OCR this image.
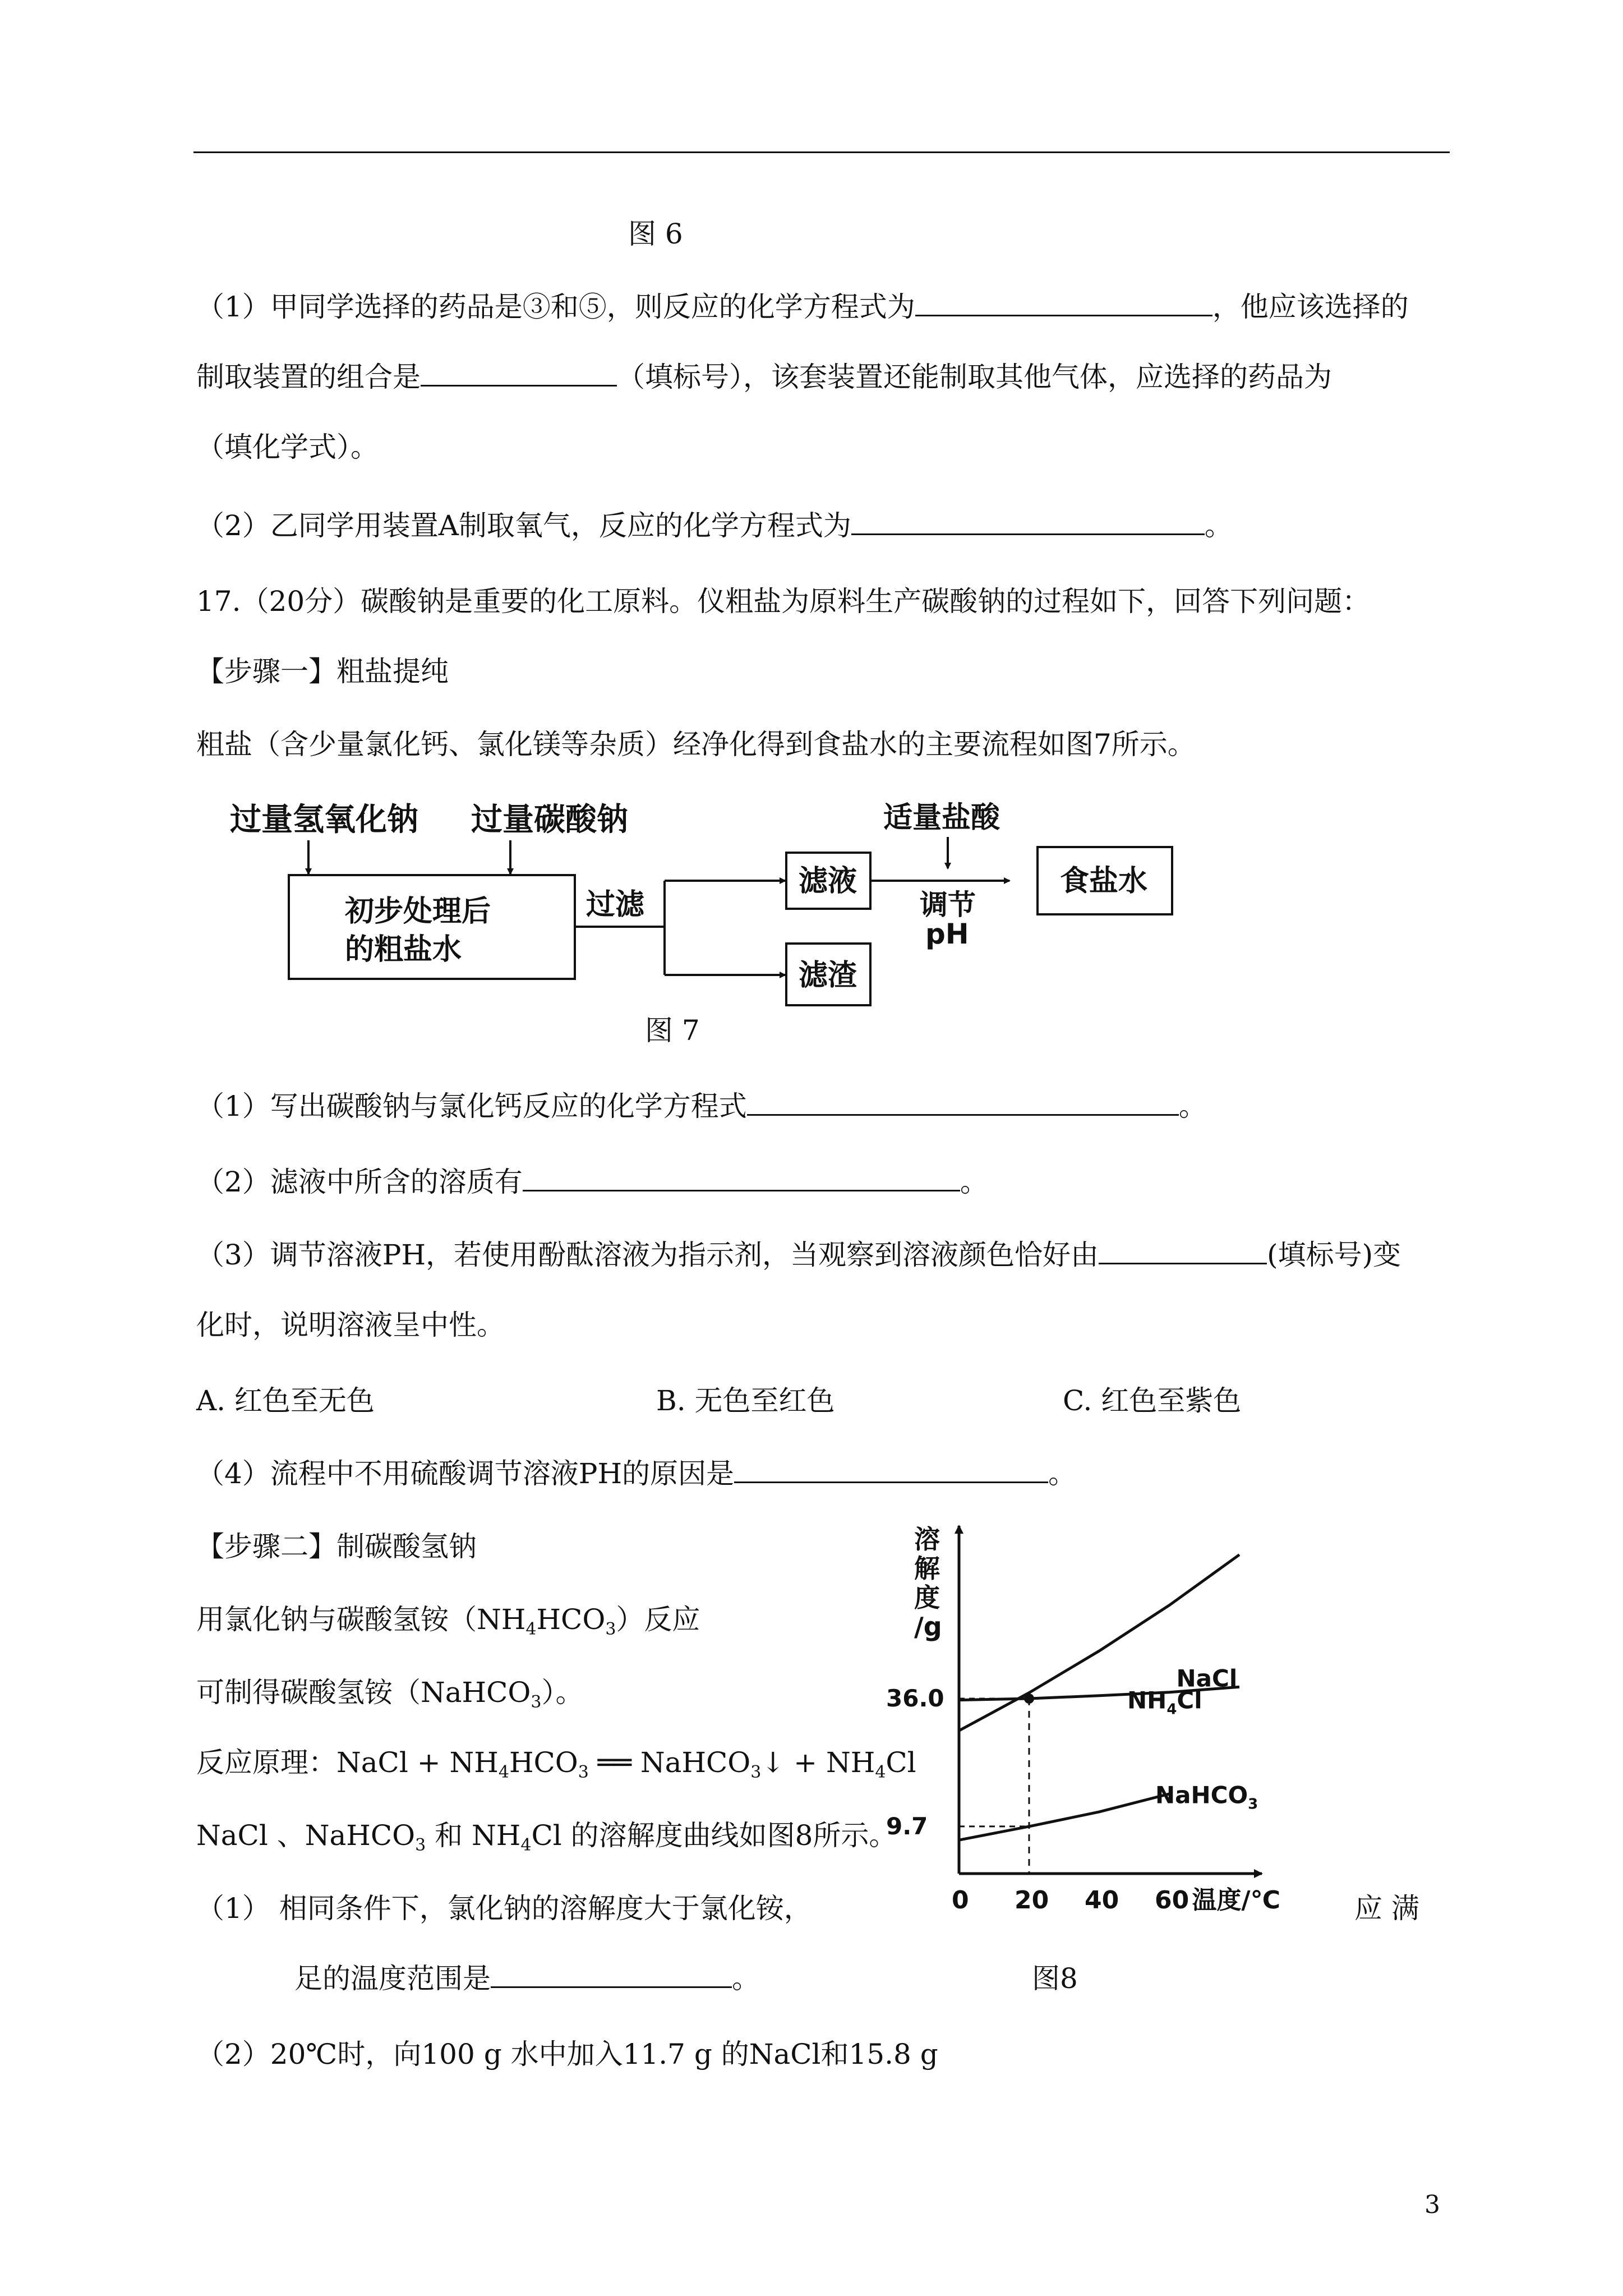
图 6
（1）甲同学选择的药品是③和⑤，则反应的化学方程式为	，他应该选择的
制取装置的组合是	（填标号），该套装置还能制取其他气体，应选择的药品为
（填化学式）。
（2）乙同学用装置A制取氧气，反应的化学方程式为	。
17.（20分）碳酸钠是重要的化工原料。仪粗盐为原料生产碳酸钠的过程如下，回答下列问题：
【步骤一】粗盐提纯
粗盐（含少量氯化钙、氯化镁等杂质）经净化得到食盐水的主要流程如图7所示。
过量氢氧化钠 过量碳酸钠
初步处理后
的粗盐水
过滤
滤液
滤渣
适量盐酸
调节
pH
食盐水
图 7
（1）写出碳酸钠与氯化钙反应的化学方程式	。
（2）滤液中所含的溶质有	。
（3）调节溶液PH，若使用酚酞溶液为指示剂，当观察到溶液颜色恰好由	(填标号)变
化时，说明溶液呈中性。
A. 红色至无色	B. 无色至红色	C. 红色至紫色
（4）流程中不用硫酸调节溶液PH的原因是	。
【步骤二】制碳酸氢钠
用氯化钠与碳酸氢铵$(NH_4HCO_3)$反应
可制得碳酸氢铵（NaHCO$_3$）。
反应原理：NaCl + $NH_4HCO_3$ ══ NaHCO$_3$↓ + $NH_4Cl$
NaCl 、NaHCO$_3$ 和 $NH_4Cl$ 的溶解度曲线如图8所示。
（1） 相同条件下，氯化钠的溶解度大于氯化铵，	应 满
足的温度范围是	。	图8
（2）20℃时，向100 g 水中加入11.7 g 的NaCl和15.8 g
溶
解
度
/g
温度/℃
0 20 40 60
9.7
36.0	$NH_4Cl$
NaCl
NaHCO$_3$
3
